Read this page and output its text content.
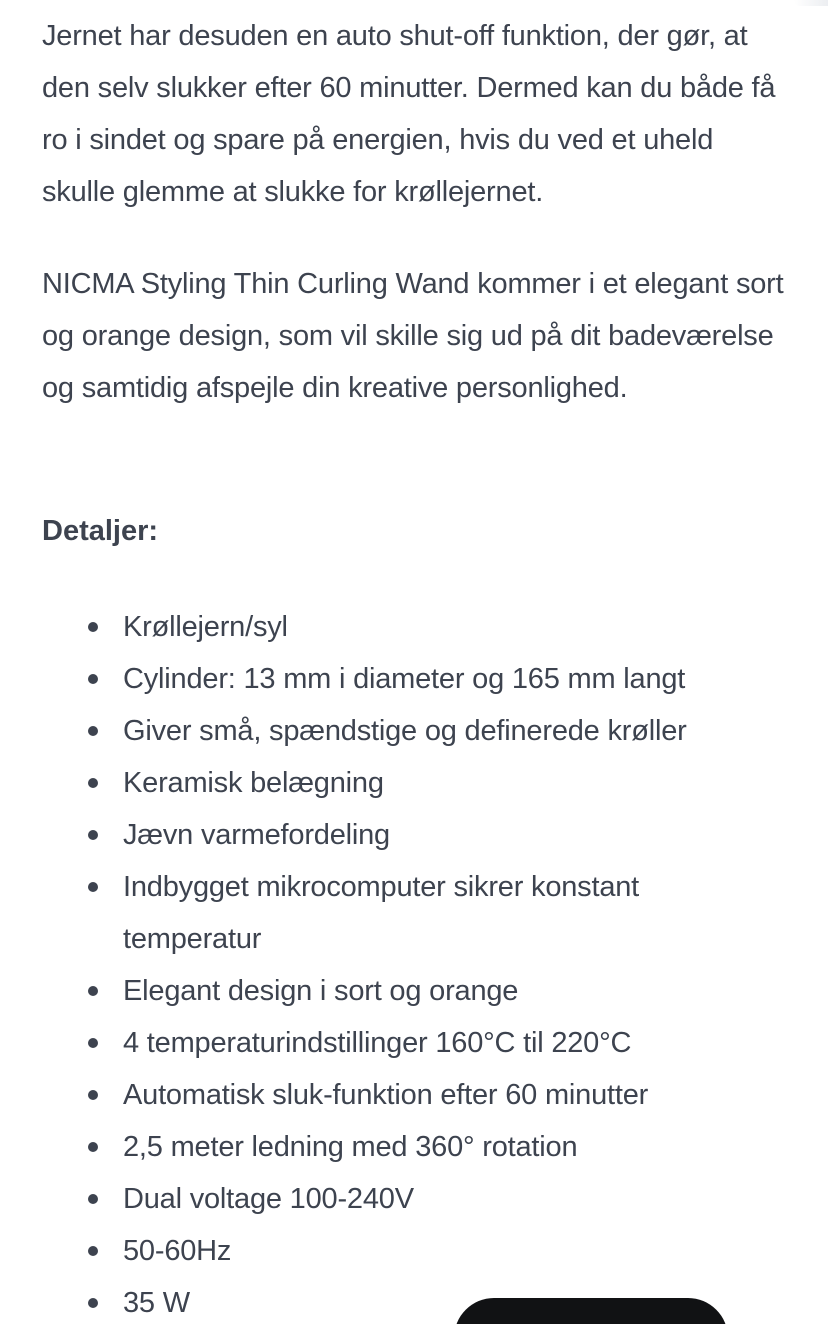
Jernet har desuden en auto shut-off funktion, der gør, at den selv slukker efter 60 minutter. Dermed kan du både få ro i sindet og spare på energien, hvis du ved et uheld skulle glemme at slukke for krøllejernet.

NICMA Styling Thin Curling Wand kommer i et elegant sort og orange design, som vil skille sig ud på dit badeværelse og samtidig afspejle din kreative personlighed.

Detaljer:
Krøllejern/syl
Cylinder: 13 mm i diameter og 165 mm langt
Giver små, spændstige og definerede krøller
Keramisk belægning
Jævn varmefordeling
Indbygget mikrocomputer sikrer konstant temperatur
Elegant design i sort og orange
4 temperaturindstillinger 160°C til 220°C
Automatisk sluk-funktion efter 60 minutter
2,5 meter ledning med 360° rotation
Dual voltage 100-240V
50-60Hz
35 W
